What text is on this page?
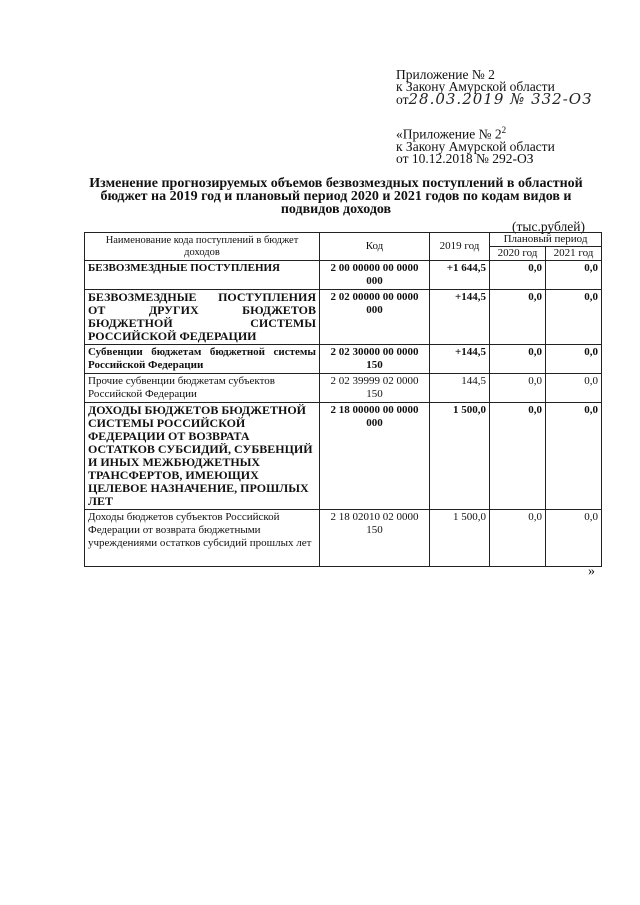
Приложение № 2
к Закону Амурской области
от28.03.2019 № 332-ОЗ
«Приложение № $2^2$
к Закону Амурской области
от 10.12.2018 № 292-ОЗ
Изменение прогнозируемых объемов безвозмездных поступлений в областной бюджет на 2019 год и плановый период 2020 и 2021 годов по кодам видов и подвидов доходов
(тыс.рублей)
Наименование кода поступлений в бюджет доходов	Код	2019 год	Плановый период	
			2020 год	2021 год
БЕЗВОЗМЕЗДНЫЕ ПОСТУПЛЕНИЯ	2 00 00000 00 0000 000	+1 644,5	0,0	0,0
БЕЗВОЗМЕЗДНЫЕ ПОСТУПЛЕНИЯ ОТ ДРУГИХ БЮДЖЕТОВ БЮДЖЕТНОЙ СИСТЕМЫ РОССИЙСКОЙ ФЕДЕРАЦИИ	2 02 00000 00 0000 000	+144,5	0,0	0,0
Субвенции бюджетам бюджетной системы Российской Федерации	2 02 30000 00 0000 150	+144,5	0,0	0,0
Прочие субвенции бюджетам субъектов Российской Федерации	2 02 39999 02 0000 150	144,5	0,0	0,0
ДОХОДЫ БЮДЖЕТОВ БЮДЖЕТНОЙ СИСТЕМЫ РОССИЙСКОЙ ФЕДЕРАЦИИ ОТ ВОЗВРАТА ОСТАТКОВ СУБСИДИЙ, СУБВЕНЦИЙ И ИНЫХ МЕЖБЮДЖЕТНЫХ ТРАНСФЕРТОВ, ИМЕЮЩИХ ЦЕЛЕВОЕ НАЗНАЧЕНИЕ, ПРОШЛЫХ ЛЕТ	2 18 00000 00 0000 000	1 500,0	0,0	0,0
Доходы бюджетов субъектов Российской Федерации от возврата бюджетными учреждениями остатков субсидий прошлых лет	2 18 02010 02 0000 150	1 500,0	0,0	0,0
»
